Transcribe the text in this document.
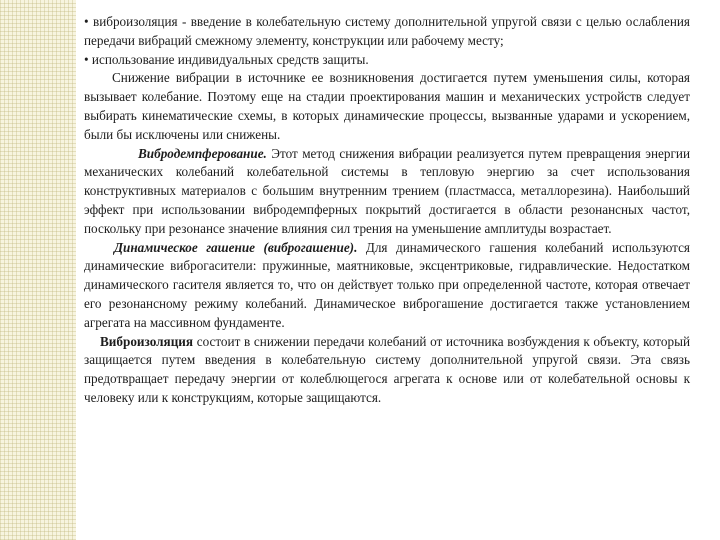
• виброизоляция - введение в колебательную систему дополнительной упругой связи с целью ослабления передачи вибраций смежному элементу, конструкции или рабочему месту;

• использование индивидуальных средств защиты.

Снижение вибрации в источнике ее возникновения достигается путем уменьшения силы, которая вызывает колебание. Поэтому еще на стадии проектирования машин и механических устройств следует выбирать кинематические схемы, в которых динамические процессы, вызванные ударами и ускорением, были бы исключены или снижены.

Вибродемпферование. Этот метод снижения вибрации реализуется путем превращения энергии механических колебаний колебательной системы в тепловую энергию за счет использования конструктивных материалов с большим внутренним трением (пластмасса, металлорезина). Наибольший эффект при использовании вибродемпферных покрытий достигается в области резонансных частот, поскольку при резонансе значение влияния сил трения на уменьшение амплитуды возрастает.

Динамическое гашение (виброгашение). Для динамического гашения колебаний используются динамические виброгасители: пружинные, маятниковые, эксцентриковые, гидравлические. Недостатком динамического гасителя является то, что он действует только при определенной частоте, которая отвечает его резонансному режиму колебаний. Динамическое виброгашение достигается также установлением агрегата на массивном фундаменте.

Виброизоляция состоит в снижении передачи колебаний от источника возбуждения к объекту, который защищается путем введения в колебательную систему дополнительной упругой связи. Эта связь предотвращает передачу энергии от колеблющегося агрегата к основе или от колебательной основы к человеку или к конструкциям, которые защищаются.
